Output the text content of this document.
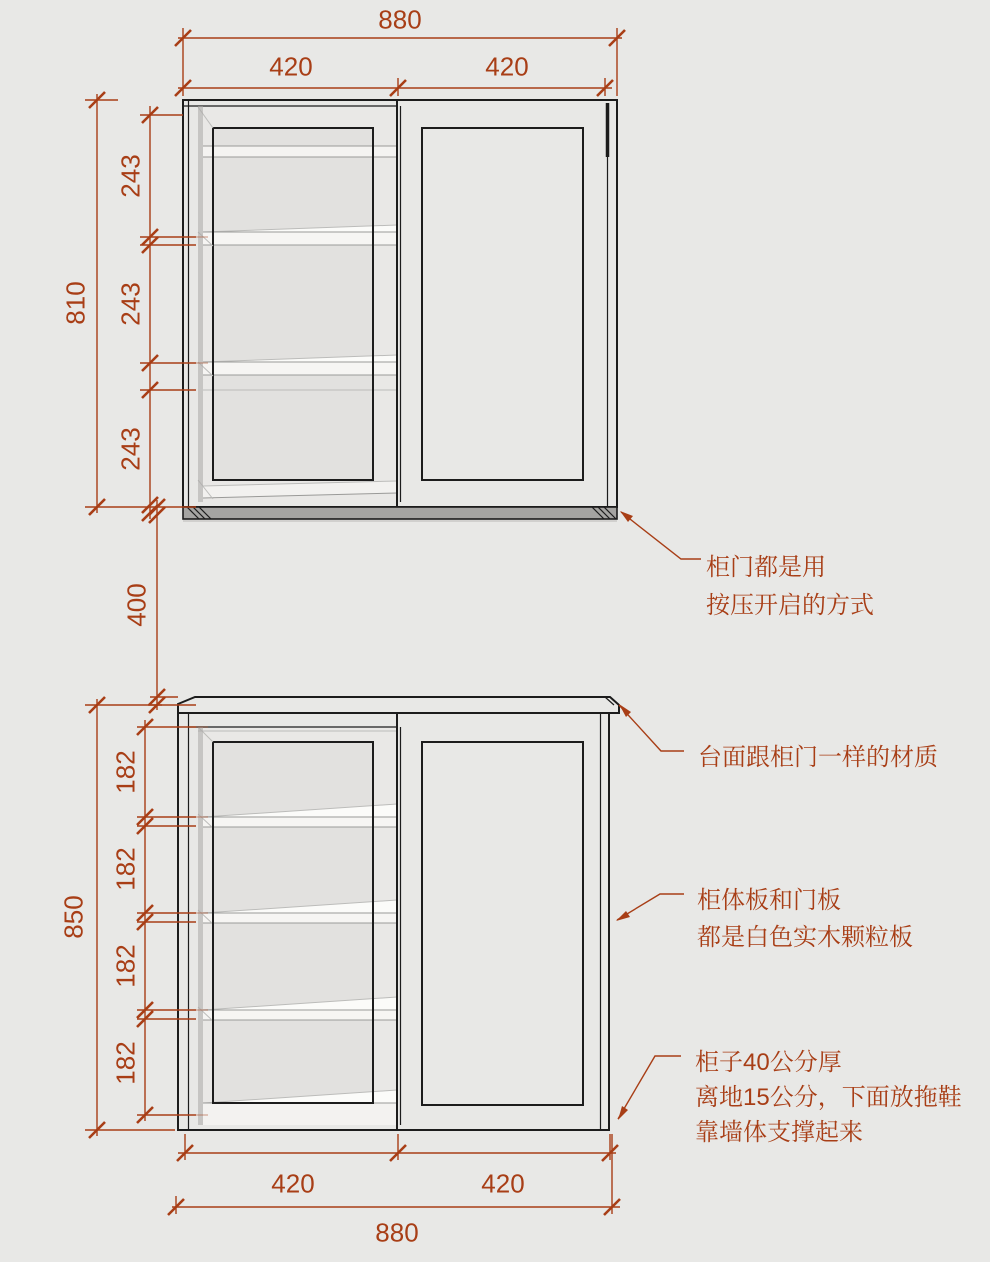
880
420	420
810
243
243
243
400
850
182
182
182
182
420	420
880
柜门都是用
按压开启的方式
台面跟柜门一样的材质
柜体板和门板
都是白色实木颗粒板
柜子40公分厚
离地15公分，下面放拖鞋
靠墙体支撑起来
